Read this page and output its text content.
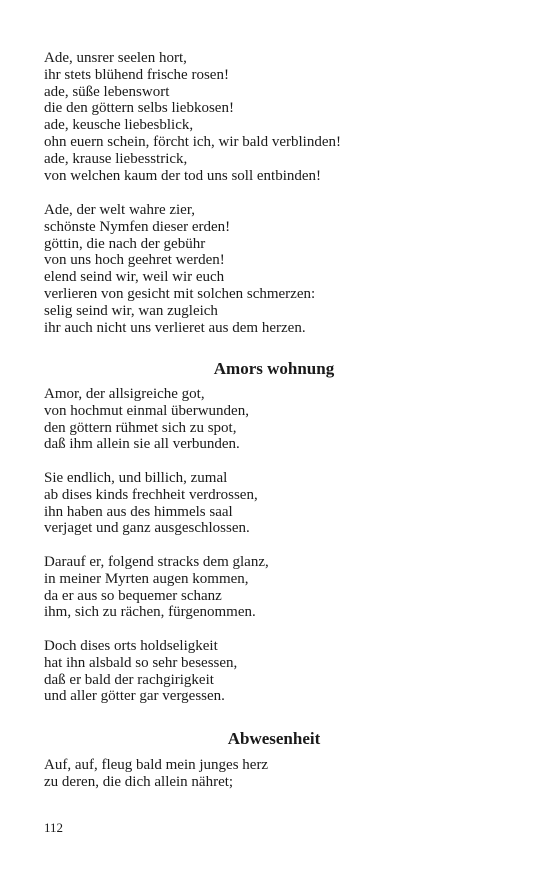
Ade, unsrer seelen hort,
ihr stets blühend frische rosen!
ade, süße lebenswort
die den göttern selbs liebkosen!
ade, keusche liebesblick,
ohn euern schein, förcht ich, wir bald verblinden!
ade, krause liebesstrick,
von welchen kaum der tod uns soll entbinden!
Ade, der welt wahre zier,
schönste Nymfen dieser erden!
göttin, die nach der gebühr
von uns hoch geehret werden!
elend seind wir, weil wir euch
verlieren von gesicht mit solchen schmerzen:
selig seind wir, wan zugleich
ihr auch nicht uns verlieret aus dem herzen.
Amors wohnung
Amor, der allsigreiche got,
von hochmut einmal überwunden,
den göttern rühmet sich zu spot,
daß ihm allein sie all verbunden.
Sie endlich, und billich, zumal
ab dises kinds frechheit verdrossen,
ihn haben aus des himmels saal
verjaget und ganz ausgeschlossen.
Darauf er, folgend stracks dem glanz,
in meiner Myrten augen kommen,
da er aus so bequemer schanz
ihm, sich zu rächen, fürgenommen.
Doch dises orts holdseligkeit
hat ihn alsbald so sehr besessen,
daß er bald der rachgirigkeit
und aller götter gar vergessen.
Abwesenheit
Auf, auf, fleug bald mein junges herz
zu deren, die dich allein nähret;
112
